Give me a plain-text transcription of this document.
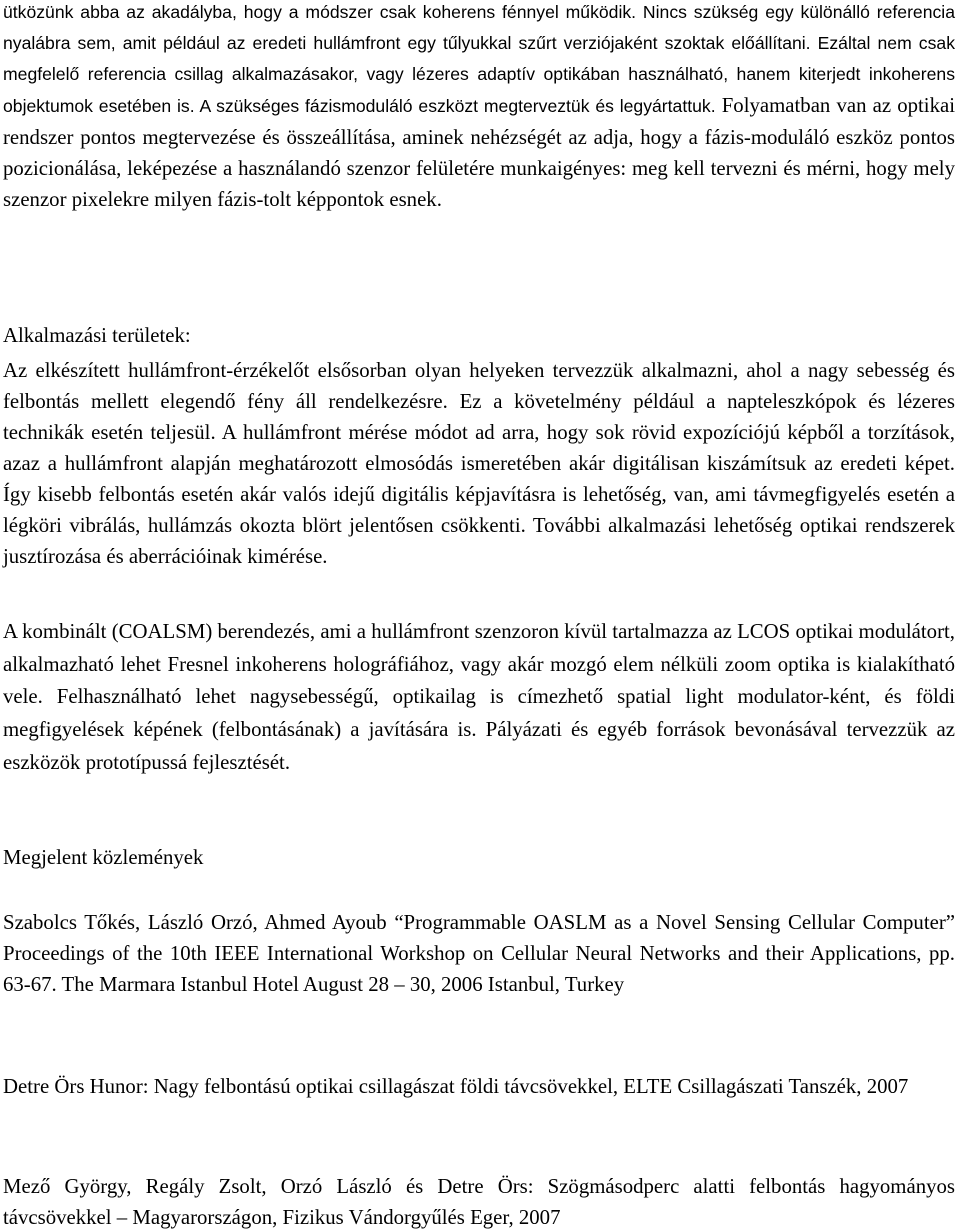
ütközünk abba az akadályba, hogy a módszer csak koherens fénnyel működik. Nincs szükség egy különálló referencia nyalábra sem, amit például az eredeti hullámfront egy tűlyukkal szűrt verziójaként szoktak előállítani. Ezáltal nem csak megfelelő referencia csillag alkalmazásakor, vagy lézeres adaptív optikában használható, hanem kiterjedt inkoherens objektumok esetében is. A szükséges fázismoduláló eszközt megterveztük és legyártattuk. Folyamatban van az optikai rendszer pontos megtervezése és összeállítása, aminek nehézségét az adja, hogy a fázis-moduláló eszköz pontos pozicionálása, leképezése a használandó szenzor felületére munkaigényes: meg kell tervezni és mérni, hogy mely szenzor pixelekre milyen fázis-tolt képpontok esnek.

Alkalmazási területek:

Az elkészített hullámfront-érzékelőt elsősorban olyan helyeken tervezzük alkalmazni, ahol a nagy sebesség és felbontás mellett elegendő fény áll rendelkezésre. Ez a követelmény például a napteleszkópok és lézeres technikák esetén teljesül. A hullámfront mérése módot ad arra, hogy sok rövid expozíciójú képből a torzítások, azaz a hullámfront alapján meghatározott elmosódás ismeretében akár digitálisan kiszámítsuk az eredeti képet. Így kisebb felbontás esetén akár valós idejű digitális képjavításra is lehetőség, van, ami távmegfigyelés esetén a légköri vibrálás, hullámzás okozta blört jelentősen csökkenti. További alkalmazási lehetőség optikai rendszerek jusztírozása és aberrációinak kimérése.

A kombinált (COALSM) berendezés, ami a hullámfront szenzoron kívül tartalmazza az LCOS optikai modulátort, alkalmazható lehet Fresnel inkoherens holográfiához, vagy akár mozgó elem nélküli zoom optika is kialakítható vele. Felhasználható lehet nagysebességű, optikailag is címezhető spatial light modulator-ként, és földi megfigyelések képének (felbontásának) a javítására is. Pályázati és egyéb források bevonásával tervezzük az eszközök prototípussá fejlesztését.

Megjelent közlemények

Szabolcs Tőkés, László Orzó, Ahmed Ayoub “Programmable OASLM as a Novel Sensing Cellular Computer” Proceedings of the 10th IEEE International Workshop on Cellular Neural Networks and their Applications, pp. 63-67. The Marmara Istanbul Hotel August 28 – 30, 2006 Istanbul, Turkey

Detre Örs Hunor: Nagy felbontású optikai csillagászat földi távcsövekkel, ELTE Csillagászati Tanszék, 2007

Mező György, Regály Zsolt, Orzó László és Detre Örs: Szögmásodperc alatti felbontás hagyományos távcsövekkel – Magyarországon, Fizikus Vándorgyűlés Eger, 2007
